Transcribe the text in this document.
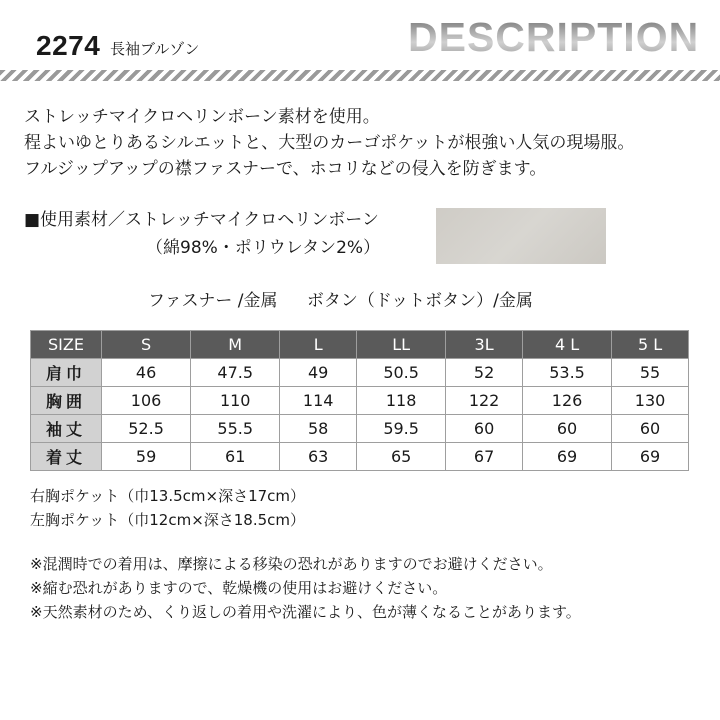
2274 長袖ブルゾン	DESCRIPTION
ストレッチマイクロヘリンボーン素材を使用。
程よいゆとりあるシルエットと、大型のカーゴポケットが根強い人気の現場服。
フルジップアップの襟ファスナーで、ホコリなどの侵入を防ぎます。
■使用素材／ストレッチマイクロヘリンボーン
（綿98%・ポリウレタン2%）
ファスナー /金属 ボタン（ドットボタン）/金属
SIZE	S	M	L	LL	3L	4 L	5 L
肩巾	46	47.5	49	50.5	52	53.5	55
胸囲	106	110	114	118	122	126	130
袖丈	52.5	55.5	58	59.5	60	60	60
着丈	59	61	63	65	67	69	69
右胸ポケット（巾13.5cm×深さ17cm）
左胸ポケット（巾12cm×深さ18.5cm）
※混潤時での着用は、摩擦による移染の恐れがありますのでお避けください。
※縮む恐れがありますので、乾燥機の使用はお避けください。
※天然素材のため、くり返しの着用や洗濯により、色が薄くなることがあります。
